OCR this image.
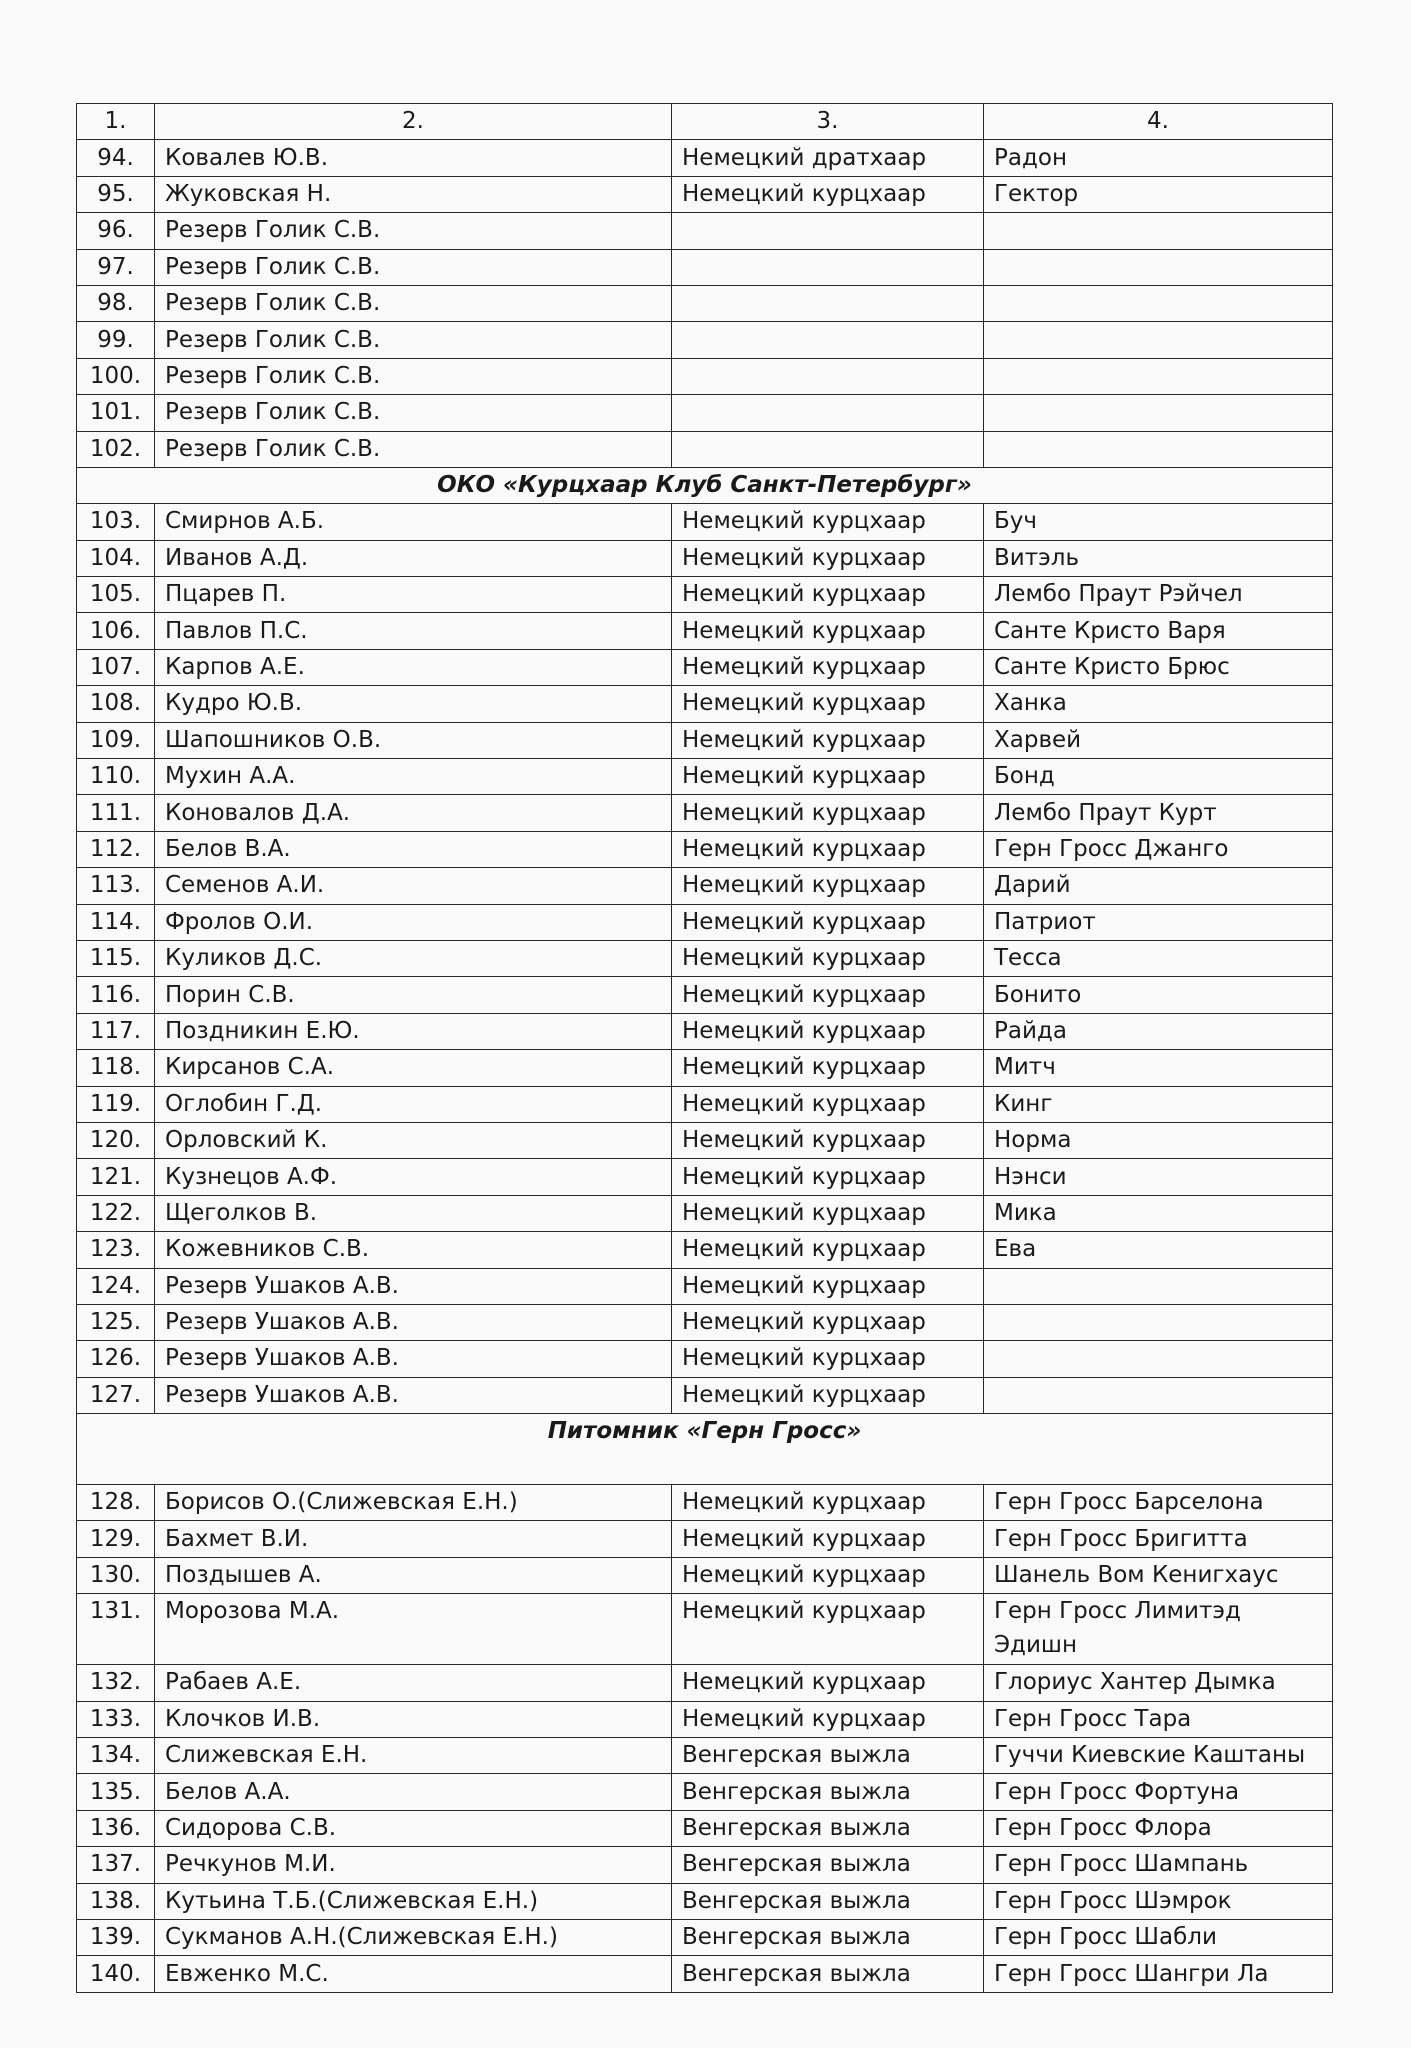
1.	2.	3.	4.
94.	Ковалев Ю.В.	Немецкий дратхаар	Радон
95.	Жуковская Н.	Немецкий курцхаар	Гектор
96.	Резерв Голик С.В.		
97.	Резерв Голик С.В.		
98.	Резерв Голик С.В.		
99.	Резерв Голик С.В.		
100.	Резерв Голик С.В.		
101.	Резерв Голик С.В.		
102.	Резерв Голик С.В.		
ОКО «Курцхаар Клуб Санкт-Петербург»			
103.	Смирнов А.Б.	Немецкий курцхаар	Буч
104.	Иванов А.Д.	Немецкий курцхаар	Витэль
105.	Пцарев П.	Немецкий курцхаар	Лембо Праут Рэйчел
106.	Павлов П.С.	Немецкий курцхаар	Санте Кристо Варя
107.	Карпов А.Е.	Немецкий курцхаар	Санте Кристо Брюс
108.	Кудро Ю.В.	Немецкий курцхаар	Ханка
109.	Шапошников О.В.	Немецкий курцхаар	Харвей
110.	Мухин А.А.	Немецкий курцхаар	Бонд
111.	Коновалов Д.А.	Немецкий курцхаар	Лембо Праут Курт
112.	Белов В.А.	Немецкий курцхаар	Герн Гросс Джанго
113.	Семенов А.И.	Немецкий курцхаар	Дарий
114.	Фролов О.И.	Немецкий курцхаар	Патриот
115.	Куликов Д.С.	Немецкий курцхаар	Тесса
116.	Порин С.В.	Немецкий курцхаар	Бонито
117.	Поздникин Е.Ю.	Немецкий курцхаар	Райда
118.	Кирсанов С.А.	Немецкий курцхаар	Митч
119.	Оглобин Г.Д.	Немецкий курцхаар	Кинг
120.	Орловский К.	Немецкий курцхаар	Норма
121.	Кузнецов А.Ф.	Немецкий курцхаар	Нэнси
122.	Щеголков В.	Немецкий курцхаар	Мика
123.	Кожевников С.В.	Немецкий курцхаар	Ева
124.	Резерв Ушаков А.В.	Немецкий курцхаар	
125.	Резерв Ушаков А.В.	Немецкий курцхаар	
126.	Резерв Ушаков А.В.	Немецкий курцхаар	
127.	Резерв Ушаков А.В.	Немецкий курцхаар	

Питомник «Герн Гросс»			

128.	Борисов О.(Слижевская Е.Н.)	Немецкий курцхаар	Герн Гросс Барселона
129.	Бахмет В.И.	Немецкий курцхаар	Герн Гросс Бригитта
130.	Поздышев А.	Немецкий курцхаар	Шанель Вом Кенигхаус
131.	Морозова М.А.	Немецкий курцхаар	Герн Гросс Лимитэд Эдишн
132.	Рабаев А.Е.	Немецкий курцхаар	Глориус Хантер Дымка
133.	Клочков И.В.	Немецкий курцхаар	Герн Гросс Тара
134.	Слижевская Е.Н.	Венгерская выжла	Гуччи Киевские Каштаны
135.	Белов А.А.	Венгерская выжла	Герн Гросс Фортуна
136.	Сидорова С.В.	Венгерская выжла	Герн Гросс Флора
137.	Речкунов М.И.	Венгерская выжла	Герн Гросс Шампань
138.	Кутьина Т.Б.(Слижевская Е.Н.)	Венгерская выжла	Герн Гросс Шэмрок
139.	Сукманов А.Н.(Слижевская Е.Н.)	Венгерская выжла	Герн Гросс Шабли
140.	Евженко М.С.	Венгерская выжла	Герн Гросс Шангри Ла
